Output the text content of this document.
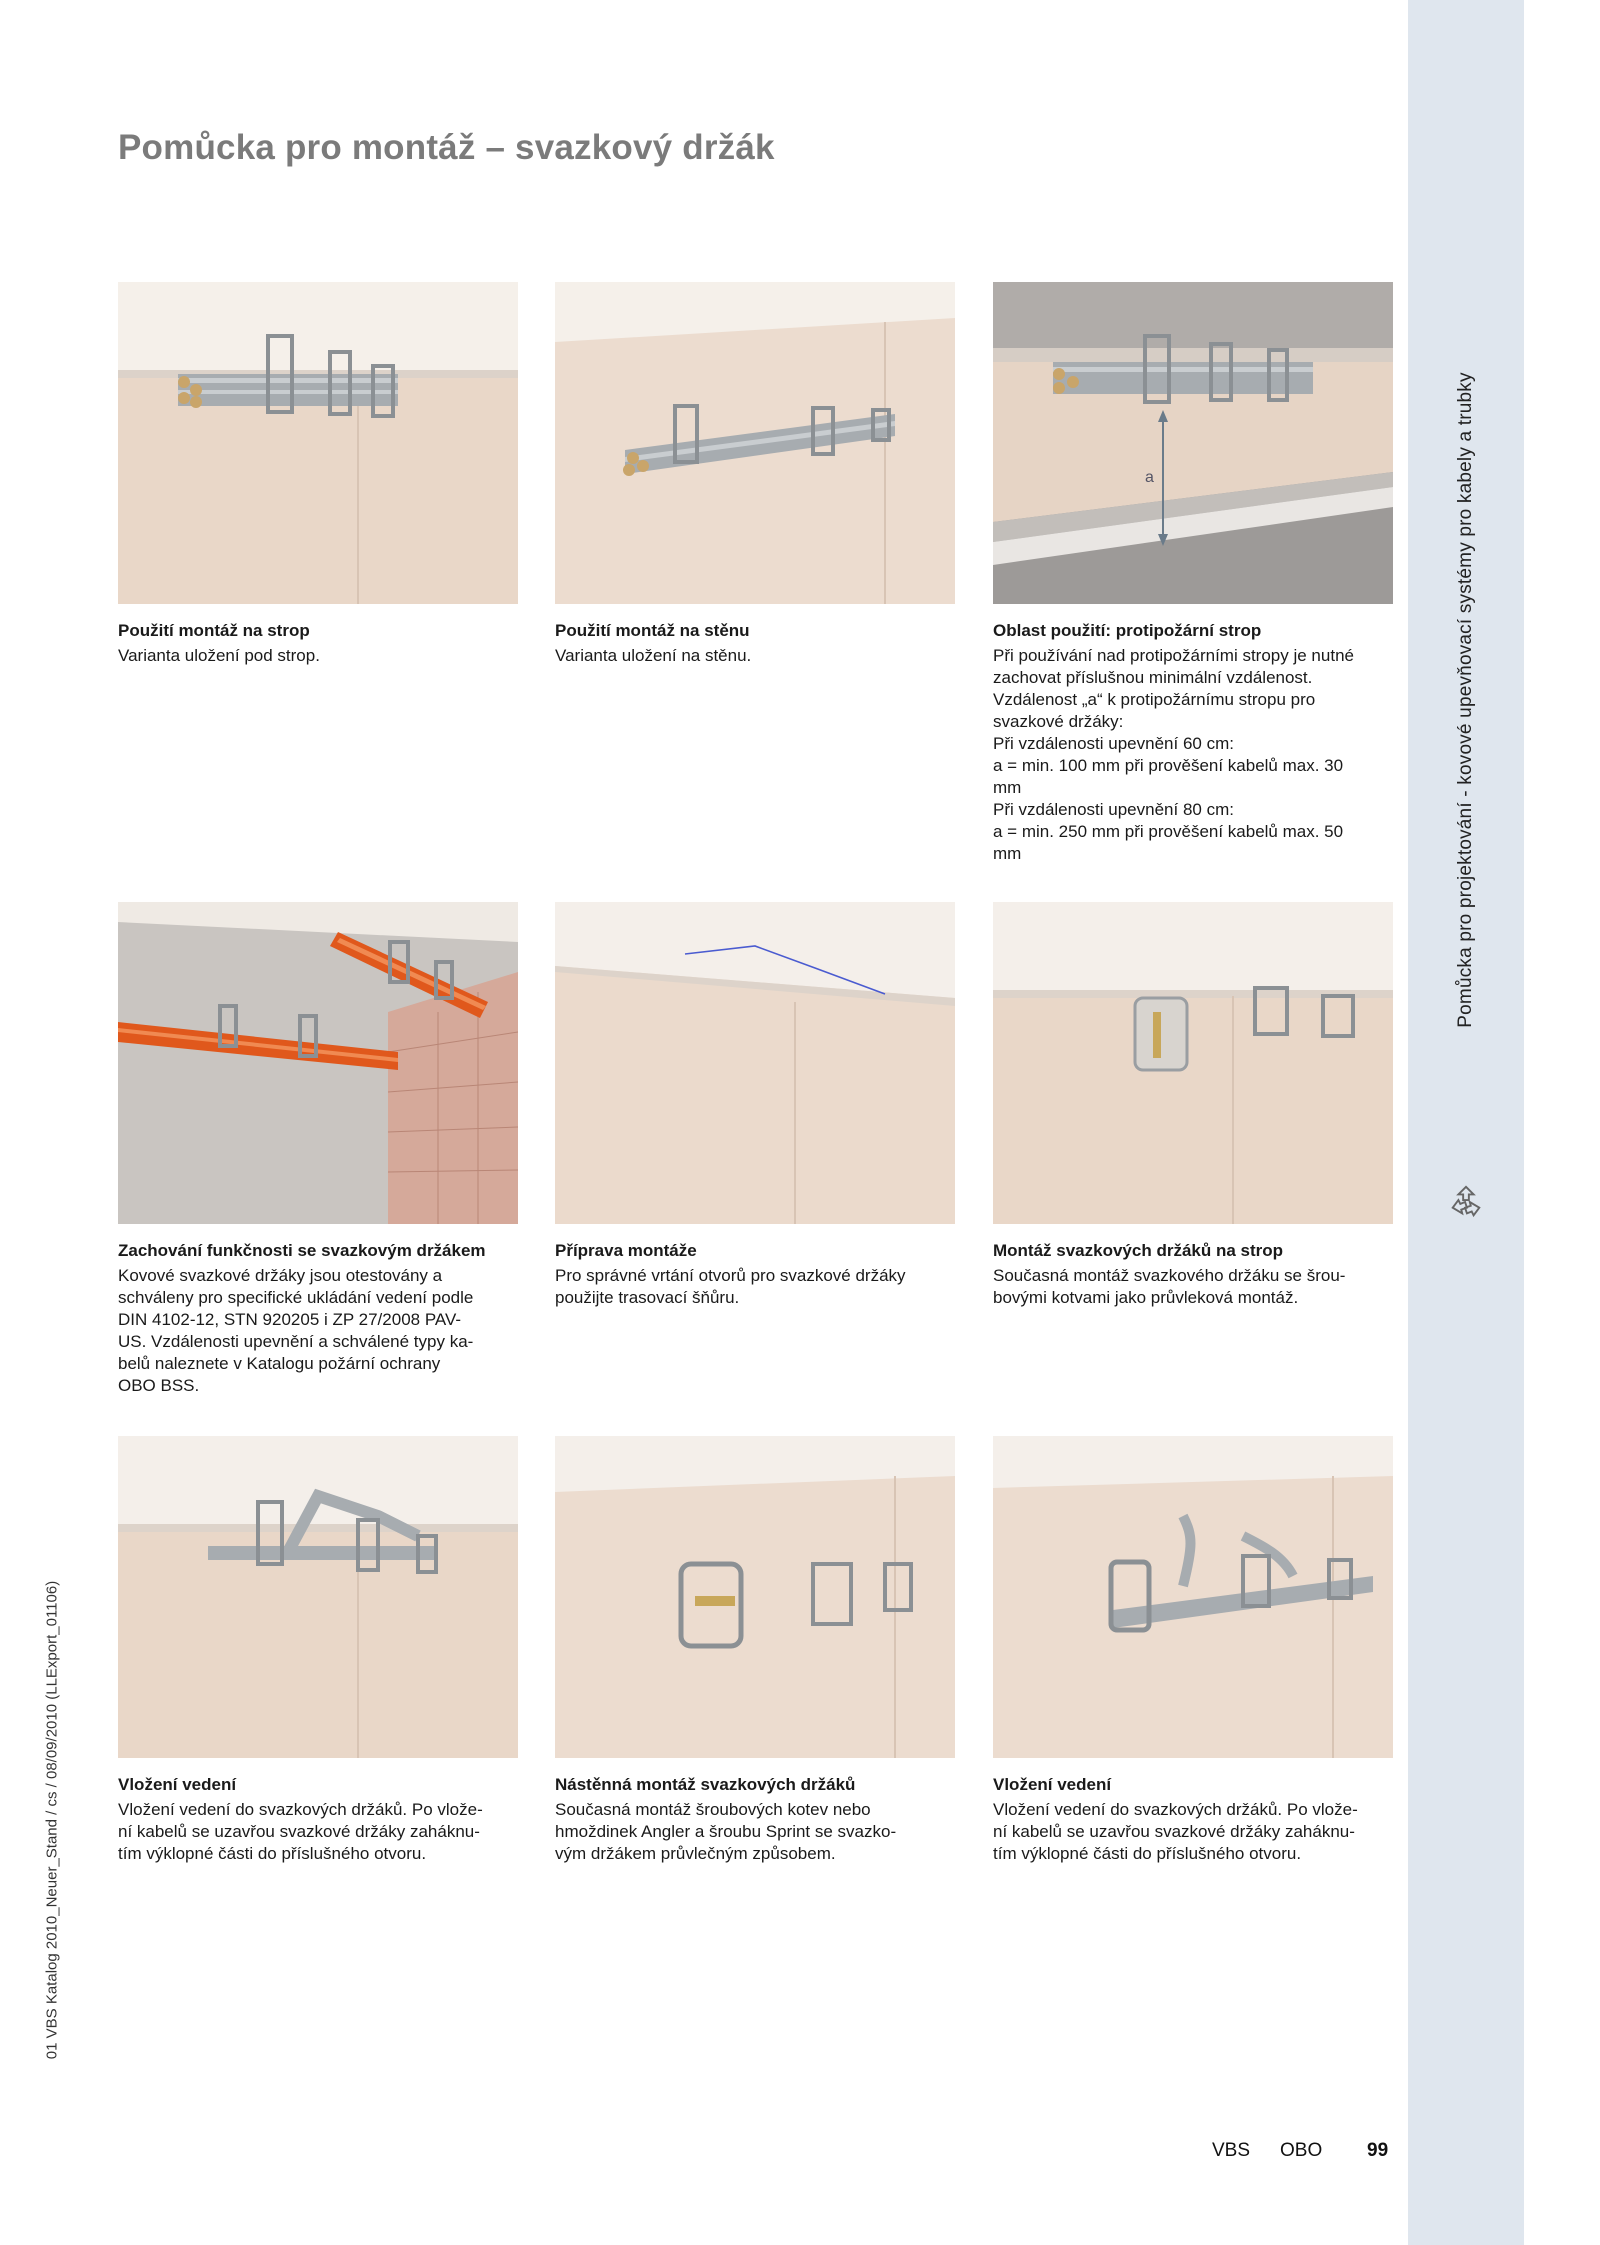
Pomůcka pro projektování - kovové upevňovací systémy pro kabely a trubky
01 VBS Katalog 2010_Neuer_Stand / cs / 08/09/2010 (LLExport_01106)
Pomůcka pro montáž – svazkový držák

Použití montáž na strop

Varianta uložení pod strop.

Použití montáž na stěnu

Varianta uložení na stěnu.

a

Oblast použití: protipožární strop

Při používání nad protipožárními stropy je nutné
zachovat příslušnou minimální vzdálenost.
Vzdálenost „a“ k protipožárnímu stropu pro
svazkové držáky:
Při vzdálenosti upevnění 60 cm:
a = min. 100 mm při prověšení kabelů max. 30
mm
Při vzdálenosti upevnění 80 cm:
a = min. 250 mm při prověšení kabelů max. 50
mm

Zachování funkčnosti se svazkovým držákem

Kovové svazkové držáky jsou otestovány a
schváleny pro specifické ukládání vedení podle
DIN 4102-12, STN 920205 i ZP 27/2008 PAV-
US. Vzdálenosti upevnění a schválené typy ka-
belů naleznete v Katalogu požární ochrany
OBO BSS.

Příprava montáže

Pro správné vrtání otvorů pro svazkové držáky
použijte trasovací šňůru.

Montáž svazkových držáků na strop

Současná montáž svazkového držáku se šrou-
bovými kotvami jako průvleková montáž.

Vložení vedení

Vložení vedení do svazkových držáků. Po vlože-
ní kabelů se uzavřou svazkové držáky zaháknu-
tím výklopné části do příslušného otvoru.

Nástěnná montáž svazkových držáků

Současná montáž šroubových kotev nebo
hmoždinek Angler a šroubu Sprint se svazko-
vým držákem průvlečným způsobem.

Vložení vedení

Vložení vedení do svazkových držáků. Po vlože-
ní kabelů se uzavřou svazkové držáky zaháknu-
tím výklopné části do příslušného otvoru.

VBS OBO 99
